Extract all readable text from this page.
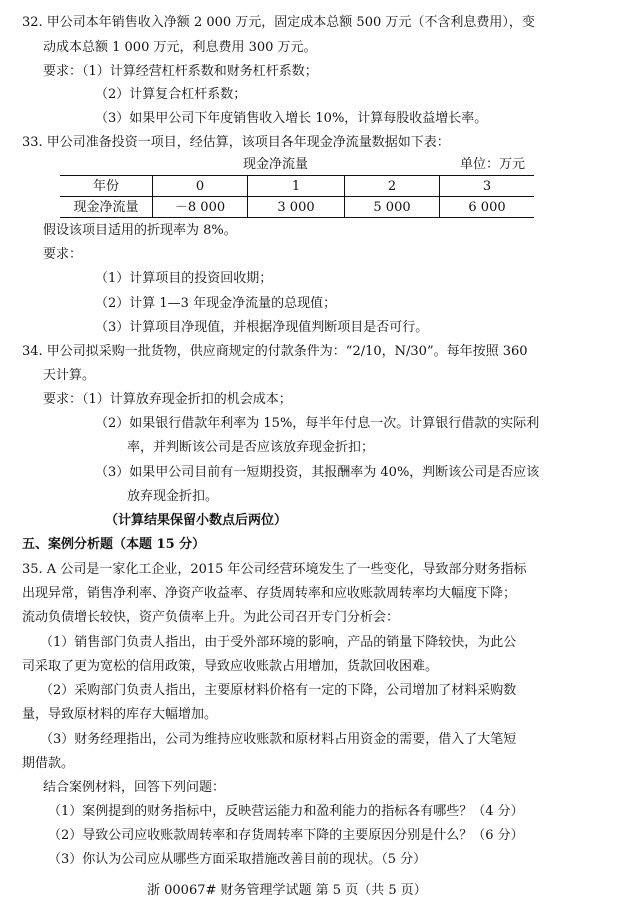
32. 甲公司本年销售收入净额 2 000 万元，固定成本总额 500 万元（不含利息费用），变
动成本总额 1 000 万元，利息费用 300 万元。
要求：（1）计算经营杠杆系数和财务杠杆系数；
（2）计算复合杠杆系数；
（3）如果甲公司下年度销售收入增长 10%，计算每股收益增长率。
33. 甲公司准备投资一项目，经估算，该项目各年现金净流量数据如下表：
现金净流量	单位：万元
年份	0	1	2	3
现金净流量	－8 000	3 000	5 000	6 000
假设该项目适用的折现率为 8%。
要求：
（1）计算项目的投资回收期；
（2）计算 1—3 年现金净流量的总现值；
（3）计算项目净现值，并根据净现值判断项目是否可行。
34. 甲公司拟采购一批货物，供应商规定的付款条件为：“2/10，N/30”。每年按照 360
天计算。
要求：（1）计算放弃现金折扣的机会成本；
（2）如果银行借款年利率为 15%，每半年付息一次。计算银行借款的实际利
率，并判断该公司是否应该放弃现金折扣；
（3）如果甲公司目前有一短期投资，其报酬率为 40%，判断该公司是否应该
放弃现金折扣。
（计算结果保留小数点后两位）
五、案例分析题（本题 15 分）
35. A 公司是一家化工企业，2015 年公司经营环境发生了一些变化，导致部分财务指标
出现异常，销售净利率、净资产收益率、存货周转率和应收账款周转率均大幅度下降；
流动负债增长较快，资产负债率上升。为此公司召开专门分析会：
（1）销售部门负责人指出，由于受外部环境的影响，产品的销量下降较快，为此公
司采取了更为宽松的信用政策，导致应收账款占用增加，货款回收困难。
（2）采购部门负责人指出，主要原材料价格有一定的下降，公司增加了材料采购数
量，导致原材料的库存大幅增加。
（3）财务经理指出，公司为维持应收账款和原材料占用资金的需要，借入了大笔短
期借款。
结合案例材料，回答下列问题：
（1）案例提到的财务指标中，反映营运能力和盈利能力的指标各有哪些？（4 分）
（2）导致公司应收账款周转率和存货周转率下降的主要原因分别是什么？（6 分）
（3）你认为公司应从哪些方面采取措施改善目前的现状。（5 分）
浙 00067# 财务管理学试题 第 5 页（共 5 页）
